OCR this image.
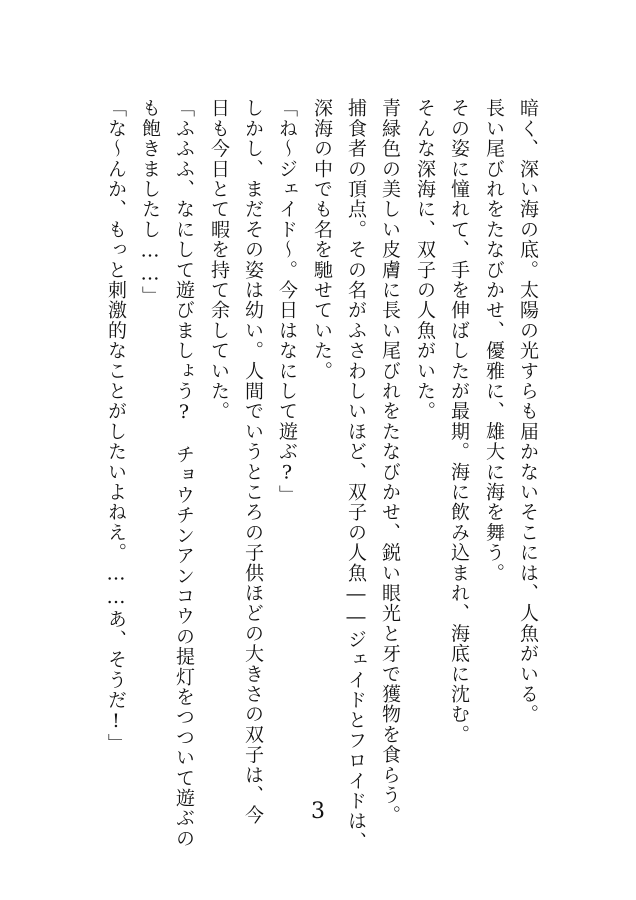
暗く、深い海の底。太陽の光すらも届かないそこには、人魚がいる。
長い尾びれをたなびかせ、優雅に、雄大に海を舞う。
その姿に憧れて、手を伸ばしたが最期。海に飲み込まれ、海底に沈む。
そんな深海に、双子の人魚がいた。
青緑色の美しい皮膚に長い尾びれをたなびかせ、鋭い眼光と牙で獲物を食らう。
捕食者の頂点。その名がふさわしいほど、双子の人魚――ジェイドとフロイドは、
深海の中でも名を馳せていた。
「ね～ジェイド～。今日はなにして遊ぶ?」
しかし、まだその姿は幼い。人間でいうところの子供ほどの大きさの双子は、今
日も今日とて暇を持て余していた。
「ふふふ、なにして遊びましょう?　チョウチンアンコウの提灯をつついて遊ぶの
も飽きましたし……」
「な～んか、もっと刺激的なことがしたいよねえ。……あ、そうだ!」
3
